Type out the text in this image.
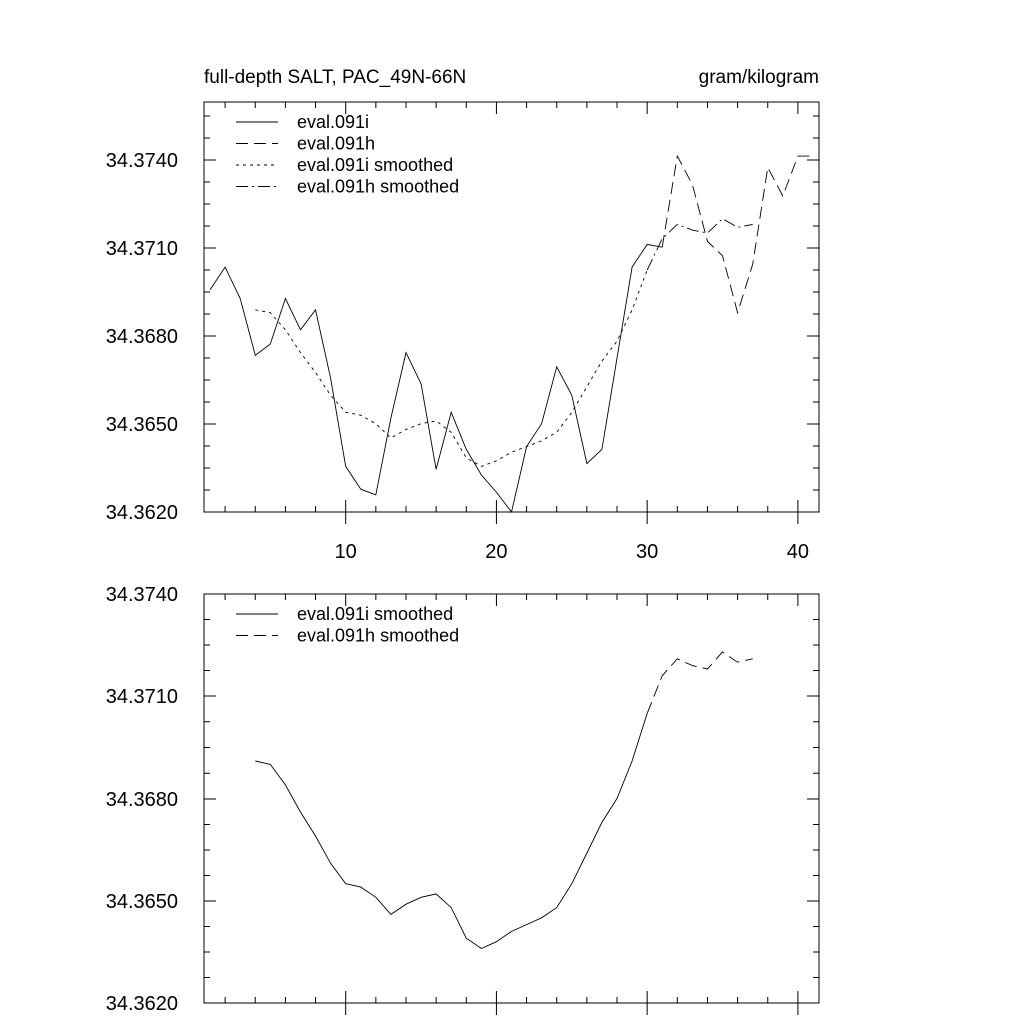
34.3620
34.3650
34.3680
34.3710
34.3740
10	20	30	40
full-depth SALT, PAC_49N-66N	gram/kilogram
eval.091i
eval.091h
eval.091i smoothed
eval.091h smoothed
34.3620
34.3650
34.3680
34.3710
34.3740
eval.091i smoothed
eval.091h smoothed
